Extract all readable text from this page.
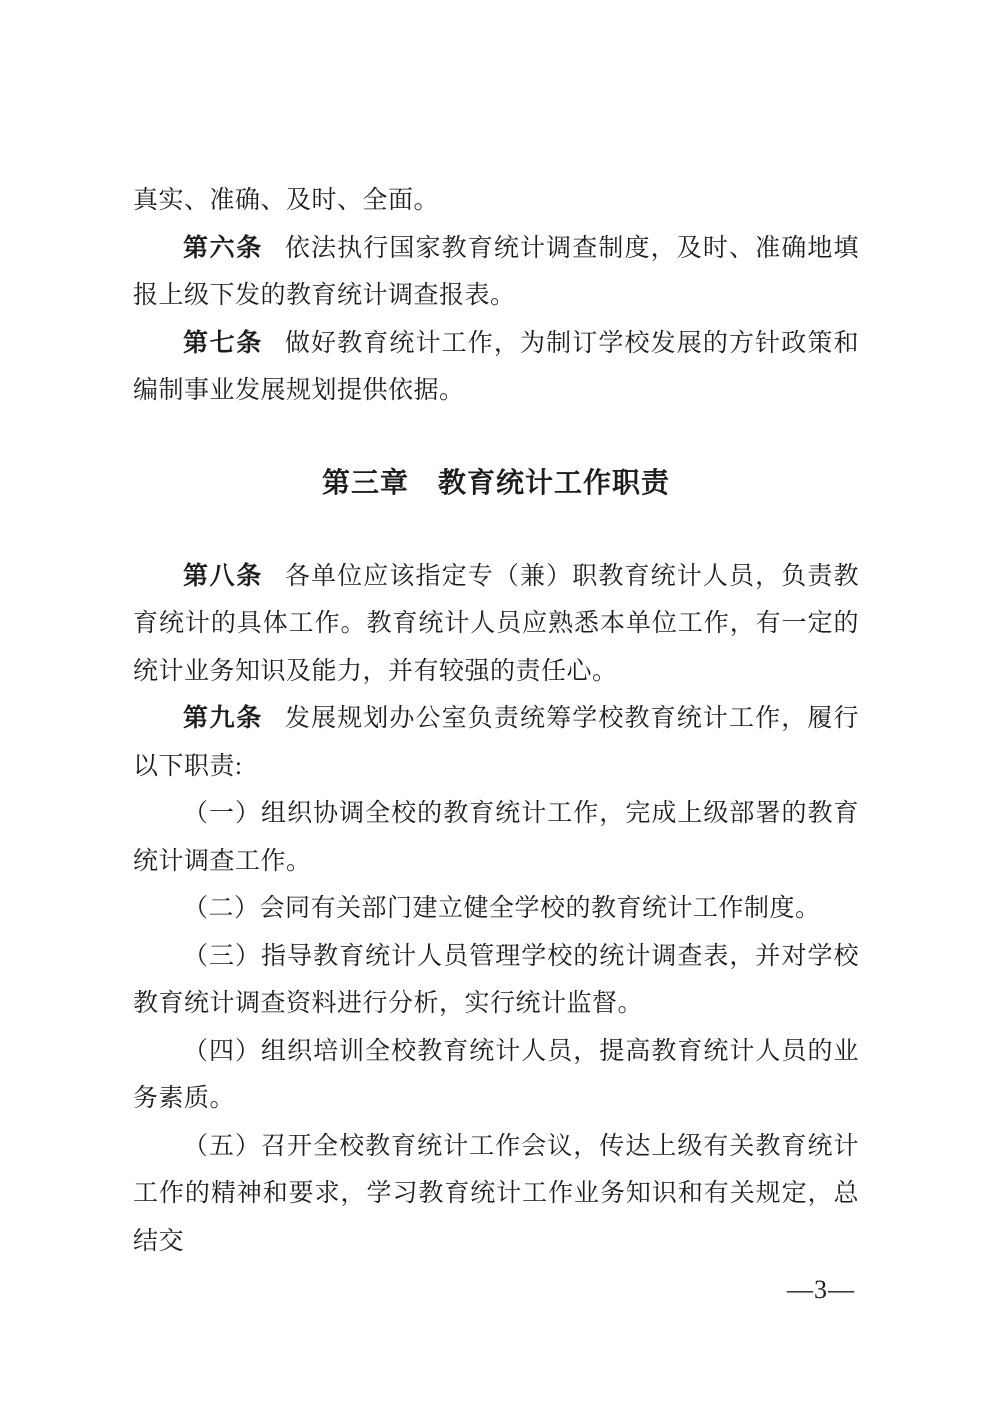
真实、准确、及时、全面。

第六条 依法执行国家教育统计调查制度，及时、准确地填报上级下发的教育统计调查报表。

第七条 做好教育统计工作，为制订学校发展的方针政策和编制事业发展规划提供依据。

第三章　教育统计工作职责

第八条 各单位应该指定专（兼）职教育统计人员，负责教育统计的具体工作。教育统计人员应熟悉本单位工作，有一定的统计业务知识及能力，并有较强的责任心。

第九条 发展规划办公室负责统筹学校教育统计工作，履行以下职责:

（一）组织协调全校的教育统计工作，完成上级部署的教育统计调查工作。

（二）会同有关部门建立健全学校的教育统计工作制度。

（三）指导教育统计人员管理学校的统计调查表，并对学校教育统计调查资料进行分析，实行统计监督。

（四）组织培训全校教育统计人员，提高教育统计人员的业务素质。

（五）召开全校教育统计工作会议，传达上级有关教育统计工作的精神和要求，学习教育统计工作业务知识和有关规定，总结交

—3—
